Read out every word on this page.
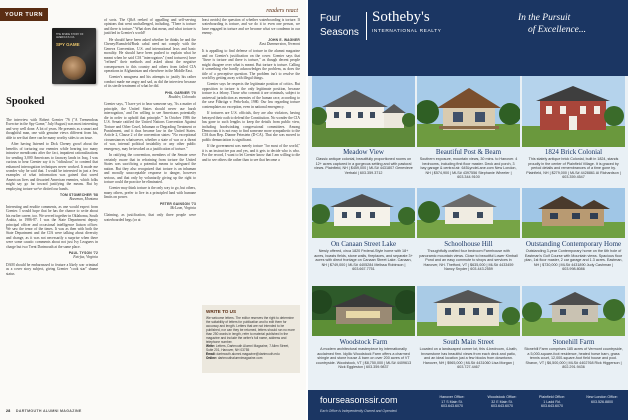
YOUR TURN
readers react
THE INSIDE STORY OF AMERICA'S CIA
SPY GAME
Spooked

The interview with Robert Grenier '76 ("A Tremendous Exercise in the Spy Game," July/August) was most interesting and very well done. A lot of years. He presents as a smart and thoughtful man, one with genuine views different from his, able to see that there can be many worthy sides to an issue.

After having listened to Dick Cheney growl about the benefits of torturing our enemies while hearing too many intrusive mendicants after the fact, impatient rationalizations for sending 3,000 Americans to faraway lands in Iraq, I was curious to hear Grenier say it is "ridiculous" to contend that enhanced interrogation techniques never worked. It made me wonder why he said that. I would be interested in just a few examples of what information was gained that saved American lives and thwarted American enemies, which folks might say go far toward justifying the means. But by employing torture we've dirtied our hands.

TOM STOMECHER '58

Bozeman, Montana

Interesting and erudite comments, as one would expect from Grenier. I would hope that he has the chance to write about his earlier career, too. We served together in Oklahoma, South Arabia, in 1986-87. I was the State Department deputy principal officer and occasional intelligence liaison officer. We saw the tenor of the times. It was as then with both the State Department and the CIA were talking about diversity and change, as it was not necessarily a surprise when there were some caustic comments about not just Ivy Leaguers in charge but two Trent Dartmouth at the same place.

PAUL TYSON '72

Fairfax, Virginia

DAM should be embarrassed to feature a likely war criminal as a cover story subject, giving Grenier "cook star" shame status

of sorts. The Q&A reeked of appalling and self-serving opinions that went unchallenged, including, "There is torture and there is torture." What does that mean, and what torture is justified in Grenier's world?

He should have been asked whether he thinks he and the Cheney/Rumsfeld/Bush cabal need not comply with the Geneva Convention, U.S. and international laws and basic morality. He should have been pushed to explain what he meant when he said CIA "interrogators" (read torturers) have "refined" their methods and asked about the negative consequences to this country and others from failed CIA operations in Afghanistan and elsewhere in the Middle East.

Grenier's smugness and his attempts to justify his rather conduct made me angry and sad, as did the interview because of its sterile treatment of what he did.

PHIL GARNER '70

Boulder, Colorado

Grenier says, "I have yet to hear someone say, 'As a matter of principle, the United States should never use harsh interrogation,' and I'm willing to see Americans potentially die in order to uphold that principle.'" In October 1986 the U.S. Senate ratified the United Nations Convention Against Torture and Other Cruel, Inhuman or Degrading Treatment or Punishment, and it thus became law in the United States. Article 2, Clause 2 of the convention states: "No exceptional circumstances whatsoever, whether a state of war or a threat of war, internal political instability or any other public emergency, may be invoked as a justification of torture."

In ratifying the convention, members of the Senate were certainly aware that in refraining from torture the United States was sacrificing a potential means to safeguard the nation. But they also recognized that torture is an inhuman and morally unacceptable response to danger, however serious, and that only by voluntarily giving up the right to torture could the practice be eliminated.

Grenier may think torture is the only way to go, but others, many others, prefer to live in a principled land with humane limits on power.

PETER GAINSON '73

McLean, Virginia

Claiming, as justification, that only three people were waterboarded begs (or at

least avoids) the question of whether waterboarding is torture. If waterboarding is torture, and we do it to even one person, we have engaged in torture and we become what we condemn in our enemy.

JOHN E. WAGNER

East Dummerston, Vermont

It is appalling to find defense of torture in the alumni magazine and on Grenier's justification on the cover. Grenier says that "there is torture and there is torture," as though decent people might disagree over what is meant. But torture is torture. Calling it something else hardly acknowledges the problem, as does the title of a perceptive question. The problem isn't to resolve the world by getting away with illegal things.

Grenier says he respects the legitimate position of critics. But opposition to torture is the only legitimate position, because torture is a felony. Those who commit it are criminals, subject to universal jurisdiction as enemies of the human race, according to the case Filártiga v. Peña-Irala, 1980. Our law regarding torture contemplates no exception, even in national emergency.

If torturers are U.S. officials, they are also violators, having betrayed their oath to defend the Constitution. No wonder the CIA has gone to such lengths to keep the details from public view, including hoodwinking congressional committees. Among Democrats it is not easy to find someone more sympathetic to the CIA than Rep. Dianne Feinstein (D-CA). That she was moved to public denunciation is significant.

If the government was merely torture "for most of the world," it is an instructive pas and yes, and it gets to decide who is who. For the record, I want to let Grenier know that I am willing to die and to see others die rather than to see that become a

WRITE TO US
We welcome letters. The editor reserves the right to determine the suitability of letters for publication and to edit them for accuracy and length. Letters that are not intended to be published, nor can they be returned, letters should run no more than 250 words in length, refer to material published in the magazine and include the writer's full name, address and telephone number.
Write: Letters, Dartmouth Alumni Magazine, 7 Allen Street, Suite 201, Hanover, NH 03755
Email: dartmouth.alumni.magazine@dartmouth.edu
Online: dartmouthalumnimagazine.com
28 DARTMOUTH ALUMNI MAGAZINE
Four
Seasons
Sotheby's
INTERNATIONAL REALTY
In the Pursuit
of Excellence...
Meadow View
Classic antique colonial, beautifully proportioned rooms on 12+ acres captured in a gorgeous setting and with pastoral views. Plainfield, NH | $459,000 | MLS# 4431807 Genevieve Verbaki | 603.359.3712
Beautiful Post & Beam
Southern exposure, mountain views, 30 mins. to Hanover. 4 bedrooms, including first floor master. Deck and porch, 3 bay garage & central air. 645LyndeLane.com New London, NH | $574,900 | MLS# 4397556 Stephanie Wheeler | 603.344.9100
1824 Brick Colonial
This stately antique brick Colonial, built in 1824, stands proudly in the center of Plainfield Village. It is graced by period details and remembrances of a time gone by. Plainfield, NH | $279,000 | MLS# 4428861 Al Richardson | 603.359.4547
On Canaan Street Lake
Newly offered, circa 1820 Federal-Style home with 18+ acres, boasts fields, stone walls, fireplaces, and separate 3+ acres with direct frontage on Canaan Street Lake. Canaan, NH | $749,000 | MLS# 4405284 Melissa Robinson | 603.667.7751
Schoolhouse Hill
Thoughtfully crafted four bedroom Farmhouse with panoramic mountain views. Close to beautiful Lower Kimball Pond and an easy commute to shops and services in Hanover, NH. Thetford, VT | $635,000 | MLS# 4433459 Nancy Snyder | 603.443.2559
Outstanding Contemporary Home
Outstanding 3-year Contemporary home on the 6th hole of Eastman's Golf Course with Mountain views. Spacious floor plan, 1st floor master, 2 car garage and 1.3 acres. Eastman, NH | $730,000 | MLS# 4431890 Judy Cashman | 603.998.8086
Woodstock Farm
A modern architectural masterpiece by internationally acclaimed firm. Idyllic Woodstock Farm offers a charmed shingle and stone house & barn on over 200 acres of VT countryside. Woodstock, VT | $8,750,000 | MLS# 4409613 Nick Eggleston | 603.359.9837
South Main Street
Located on a landscaped corner lot, this 4-bedroom, 4-bath, brownstone has beautiful views from each deck and patio, and an ideal location just a few blocks from downtown. Hanover, NH | $965,000 | MLS# 4431060 Lisa Morgan | 603.727.4467
Stonehill Farm
Stonehill Farm comprises 185 acres of Vermont countryside, a 5,000-square-foot residence, heated horse barn, grass tennis court, 12,000-square-foot field house and pool. Sharon, VT | $6,500,000 | MLS# 4402768 Rick Higgerson | 802.291.9436
fourseasonssir.com
Each Office is Independently Owned and Operated.
Hanover Office:
17 S Main St.
603.643.6070
Woodstock Office:
32 E Main St.
603.643.6070
Plainfield Office:
1 Ladd Rd.
603.643.6070
New London Office:
603.526.8800
